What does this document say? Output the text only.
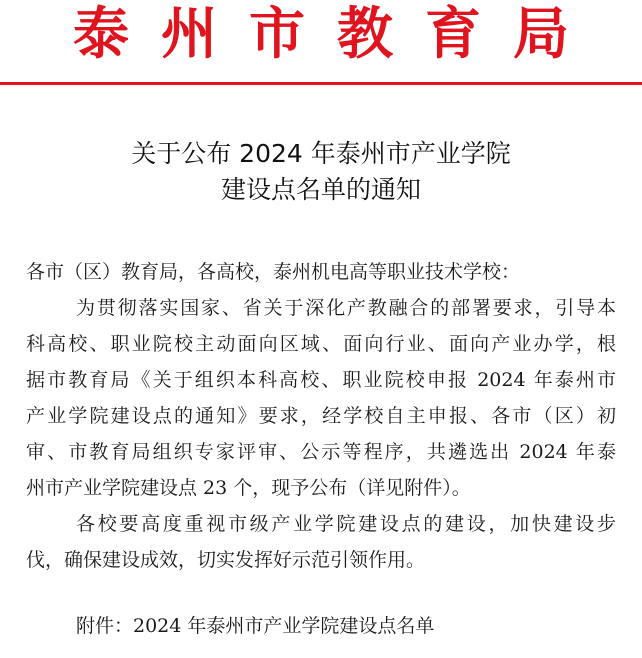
泰州市教育局
关于公布 2024 年泰州市产业学院
建设点名单的通知
各市（区）教育局，各高校，泰州机电高等职业技术学校：
为贯彻落实国家、省关于深化产教融合的部署要求，引导本
科高校、职业院校主动面向区域、面向行业、面向产业办学，根
据市教育局《关于组织本科高校、职业院校申报 2024 年泰州市
产业学院建设点的通知》要求，经学校自主申报、各市（区）初
审、市教育局组织专家评审、公示等程序，共遴选出 2024 年泰
州市产业学院建设点 23 个，现予公布（详见附件）。
各校要高度重视市级产业学院建设点的建设，加快建设步
伐，确保建设成效，切实发挥好示范引领作用。
附件：2024 年泰州市产业学院建设点名单
